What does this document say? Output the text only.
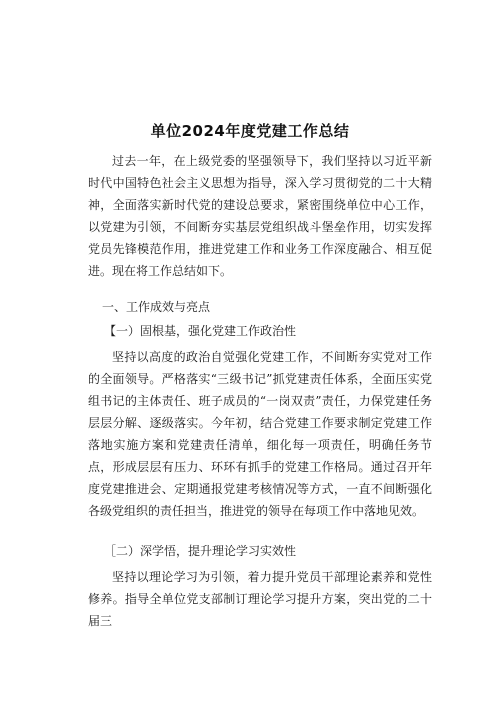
单位2024年度党建工作总结

过去一年，在上级党委的坚强领导下，我们坚持以习近平新时代中国特色社会主义思想为指导，深入学习贯彻党的二十大精神，全面落实新时代党的建设总要求，紧密围绕单位中心工作，以党建为引领，不间断夯实基层党组织战斗堡垒作用，切实发挥党员先锋模范作用，推进党建工作和业务工作深度融合、相互促进。现在将工作总结如下。

一、工作成效与亮点

【一）固根基，强化党建工作政治性

坚持以高度的政治自觉强化党建工作，不间断夯实党对工作的全面领导。严格落实“三级书记”抓党建责任体系，全面压实党组书记的主体责任、班子成员的“一岗双责”责任，力保党建任务层层分解、逐级落实。今年初，结合党建工作要求制定党建工作落地实施方案和党建责任清单，细化每一项责任，明确任务节点，形成层层有压力、环环有抓手的党建工作格局。通过召开年度党建推进会、定期通报党建考核情况等方式，一直不间断强化各级党组织的责任担当，推进党的领导在每项工作中落地见效。

［二）深学悟，提升理论学习实效性

坚持以理论学习为引领，着力提升党员干部理论素养和党性修养。指导全单位党支部制订理论学习提升方案，突出党的二十届三
